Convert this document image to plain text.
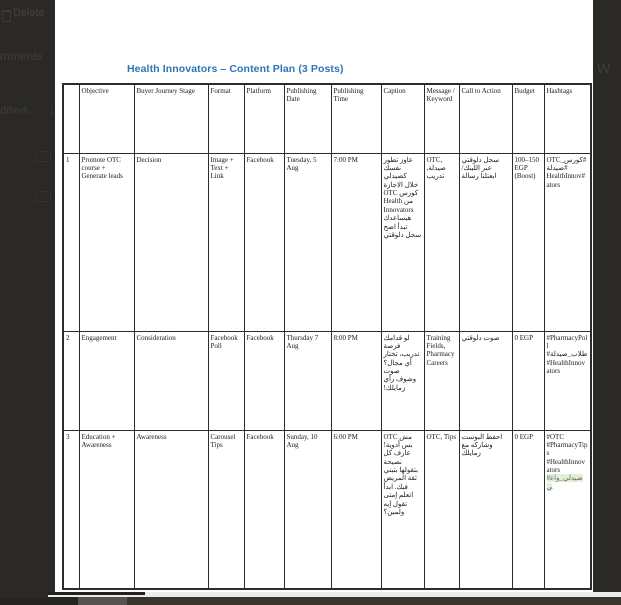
Delete
mments
dified... 1
Health Innovators – Content Plan (3 Posts)
	Objective	Buyer Journey Stage	Format	Platform	Publishing Date	Publishing Time	Caption	Message / Keyword	Call to Action	Budget	Hashtags
1	Promote OTC course + Generate leads	Decision	Image + Text + Link	Facebook	Tuesday, 5 Aug	7:00 PM	عاوز تطور نفسك كصيدلي خلال الاجازة كورس OTC من Health Innovators هيساعدك تبدأ اصح سجل دلوقتي	OTC, صيدلة, تدريب	سجل دلوقتي عبر اللينك/ ابعتلنا رسالة	100–150 EGP (Boost)	#كورس_OTC #صيدلة #HealthInnovators
2	Engagement	Consideration	Facebook Poll	Facebook	Thursday 7 Aug	8:00 PM	لو قدامك فرصة تدريب، تختار أي مجال؟ صوت وشوف رأي زمايلك!	Training Fields, Pharmacy Careers	صوت دلوقتي	0 EGP	#PharmacyPoll #طلاب_صيدلة #HealthInnovators
3	Education + Awareness	Awareness	Carousel Tips	Facebook	Sunday, 10 Aug	6:00 PM	مش OTC بس أدوية! عارف كل نصيحة بتقولها بتبني ثقة المريض فيك. ابدأ اتعلم إمتى تقول إيه ولمين؟	OTC, Tips	احفظ البوست وشاركه مع زمايلك	0 EGP	#OTC #PharmacyTips #HealthInnovators #صيدلي_واعي
W
